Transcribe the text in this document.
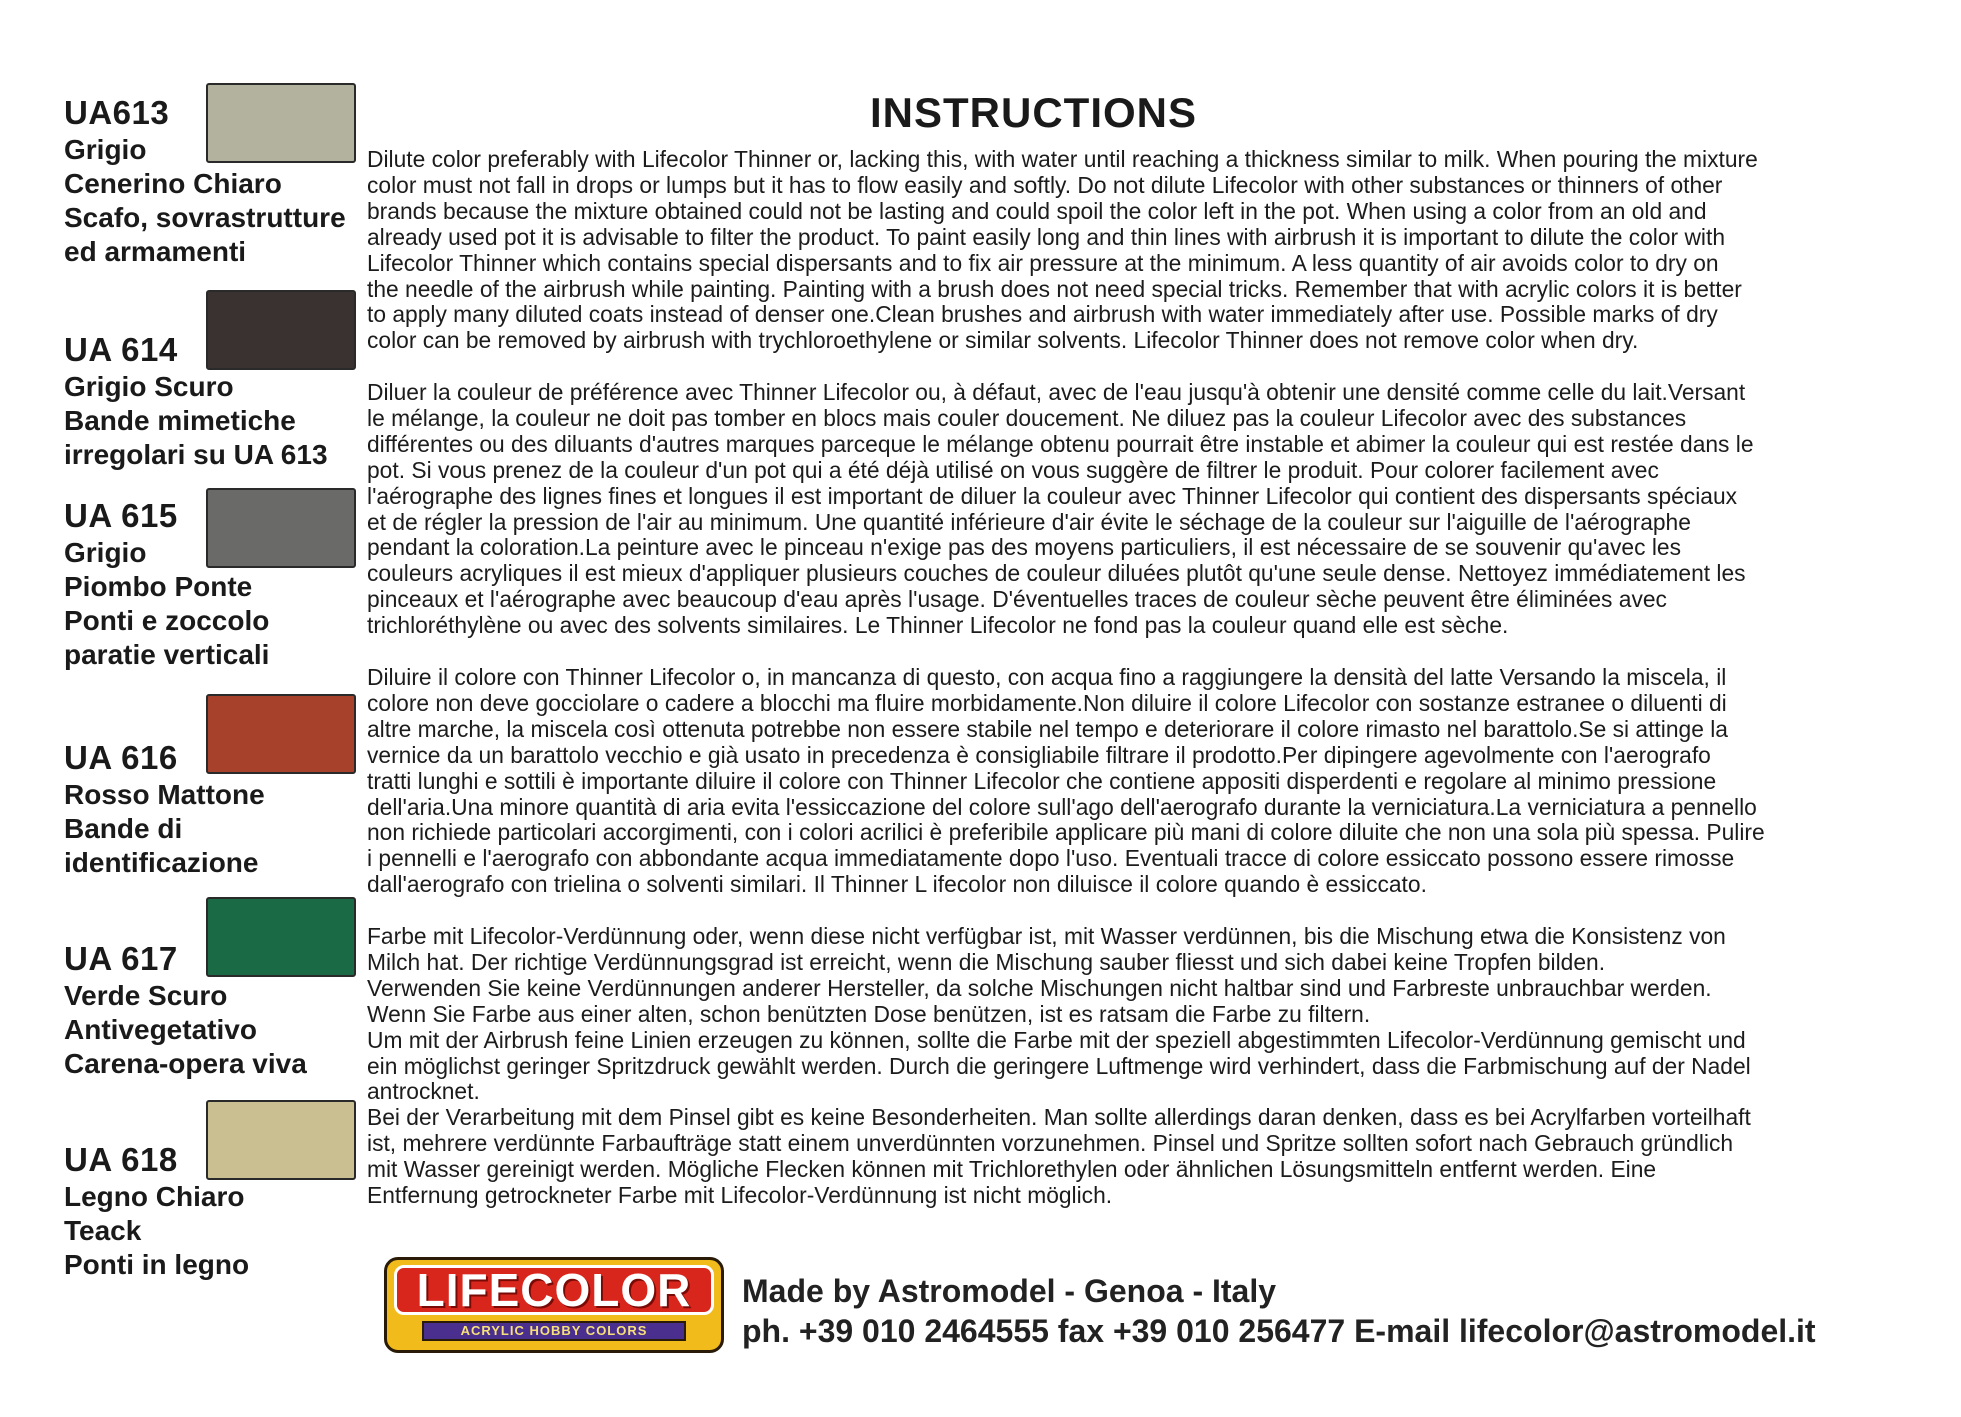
UA613
Grigio
Cenerino Chiaro
Scafo, sovrastrutture
ed armamenti
UA 614
Grigio Scuro
Bande mimetiche
irregolari su UA 613
UA 615
Grigio
Piombo Ponte
Ponti e zoccolo
paratie verticali
UA 616
Rosso Mattone
Bande di
identificazione
UA 617
Verde Scuro
Antivegetativo
Carena-opera viva
UA 618
Legno Chiaro
Teack
Ponti in legno
INSTRUCTIONS

Dilute color preferably with Lifecolor Thinner or, lacking this, with water until reaching a thickness similar to milk. When pouring the mixture
color must not fall in drops or lumps but it has to flow easily and softly. Do not dilute Lifecolor with other substances or thinners of other
brands because the mixture obtained could not be lasting and could spoil the color left in the pot. When using a color from an old and
already used pot it is advisable to filter the product. To paint easily long and thin lines with airbrush it is important to dilute the color with
Lifecolor Thinner which contains special dispersants and to fix air pressure at the minimum. A less quantity of air avoids color to dry on
the needle of the airbrush while painting. Painting with a brush does not need special tricks. Remember that with acrylic colors it is better
to apply many diluted coats instead of denser one.Clean brushes and airbrush with water immediately after use. Possible marks of dry
color can be removed by airbrush with trychloroethylene or similar solvents. Lifecolor Thinner does not remove color when dry.

Diluer la couleur de préférence avec Thinner Lifecolor ou, à défaut, avec de l'eau jusqu'à obtenir une densité comme celle du lait.Versant
le mélange, la couleur ne doit pas tomber en blocs mais couler doucement. Ne diluez pas la couleur Lifecolor avec des substances
différentes ou des diluants d'autres marques parceque le mélange obtenu pourrait être instable et abimer la couleur qui est restée dans le
pot. Si vous prenez de la couleur d'un pot qui a été déjà utilisé on vous suggère de filtrer le produit. Pour colorer facilement avec
l'aérographe des lignes fines et longues il est important de diluer la couleur avec Thinner Lifecolor qui contient des dispersants spéciaux
et de régler la pression de l'air au minimum. Une quantité inférieure d'air évite le séchage de la couleur sur l'aiguille de l'aérographe
pendant la coloration.La peinture avec le pinceau n'exige pas des moyens particuliers, il est nécessaire de se souvenir qu'avec les
couleurs acryliques il est mieux d'appliquer plusieurs couches de couleur diluées plutôt qu'une seule dense. Nettoyez immédiatement les
pinceaux et l'aérographe avec beaucoup d'eau après l'usage. D'éventuelles traces de couleur sèche peuvent être éliminées avec
trichloréthylène ou avec des solvents similaires. Le Thinner Lifecolor ne fond pas la couleur quand elle est sèche.

Diluire il colore con Thinner Lifecolor o, in mancanza di questo, con acqua fino a raggiungere la densità del latte Versando la miscela, il
colore non deve gocciolare o cadere a blocchi ma fluire morbidamente.Non diluire il colore Lifecolor con sostanze estranee o diluenti di
altre marche, la miscela così ottenuta potrebbe non essere stabile nel tempo e deteriorare il colore rimasto nel barattolo.Se si attinge la
vernice da un barattolo vecchio e già usato in precedenza è consigliabile filtrare il prodotto.Per dipingere agevolmente con l'aerografo
tratti lunghi e sottili è importante diluire il colore con Thinner Lifecolor che contiene appositi disperdenti e regolare al minimo pressione
dell'aria.Una minore quantità di aria evita l'essiccazione del colore sull'ago dell'aerografo durante la verniciatura.La verniciatura a pennello
non richiede particolari accorgimenti, con i colori acrilici è preferibile applicare più mani di colore diluite che non una sola più spessa. Pulire
i pennelli e l'aerografo con abbondante acqua immediatamente dopo l'uso. Eventuali tracce di colore essiccato possono essere rimosse
dall'aerografo con trielina o solventi similari. Il Thinner L ifecolor non diluisce il colore quando è essiccato.

Farbe mit Lifecolor-Verdünnung oder, wenn diese nicht verfügbar ist, mit Wasser verdünnen, bis die Mischung etwa die Konsistenz von
Milch hat. Der richtige Verdünnungsgrad ist erreicht, wenn die Mischung sauber fliesst und sich dabei keine Tropfen bilden.
Verwenden Sie keine Verdünnungen anderer Hersteller, da solche Mischungen nicht haltbar sind und Farbreste unbrauchbar werden.
Wenn Sie Farbe aus einer alten, schon benützten Dose benützen, ist es ratsam die Farbe zu filtern.
Um mit der Airbrush feine Linien erzeugen zu können, sollte die Farbe mit der speziell abgestimmten Lifecolor-Verdünnung gemischt und
ein möglichst geringer Spritzdruck gewählt werden. Durch die geringere Luftmenge wird verhindert, dass die Farbmischung auf der Nadel
antrocknet.
Bei der Verarbeitung mit dem Pinsel gibt es keine Besonderheiten. Man sollte allerdings daran denken, dass es bei Acrylfarben vorteilhaft
ist, mehrere verdünnte Farbaufträge statt einem unverdünnten vorzunehmen. Pinsel und Spritze sollten sofort nach Gebrauch gründlich
mit Wasser gereinigt werden. Mögliche Flecken können mit Trichlorethylen oder ähnlichen Lösungsmitteln entfernt werden. Eine
Entfernung getrockneter Farbe mit Lifecolor-Verdünnung ist nicht möglich.

LIFECOLOR
ACRYLIC HOBBY COLORS
Made by Astromodel - Genoa - Italy
ph. +39 010 2464555 fax +39 010 256477 E-mail lifecolor@astromodel.it
